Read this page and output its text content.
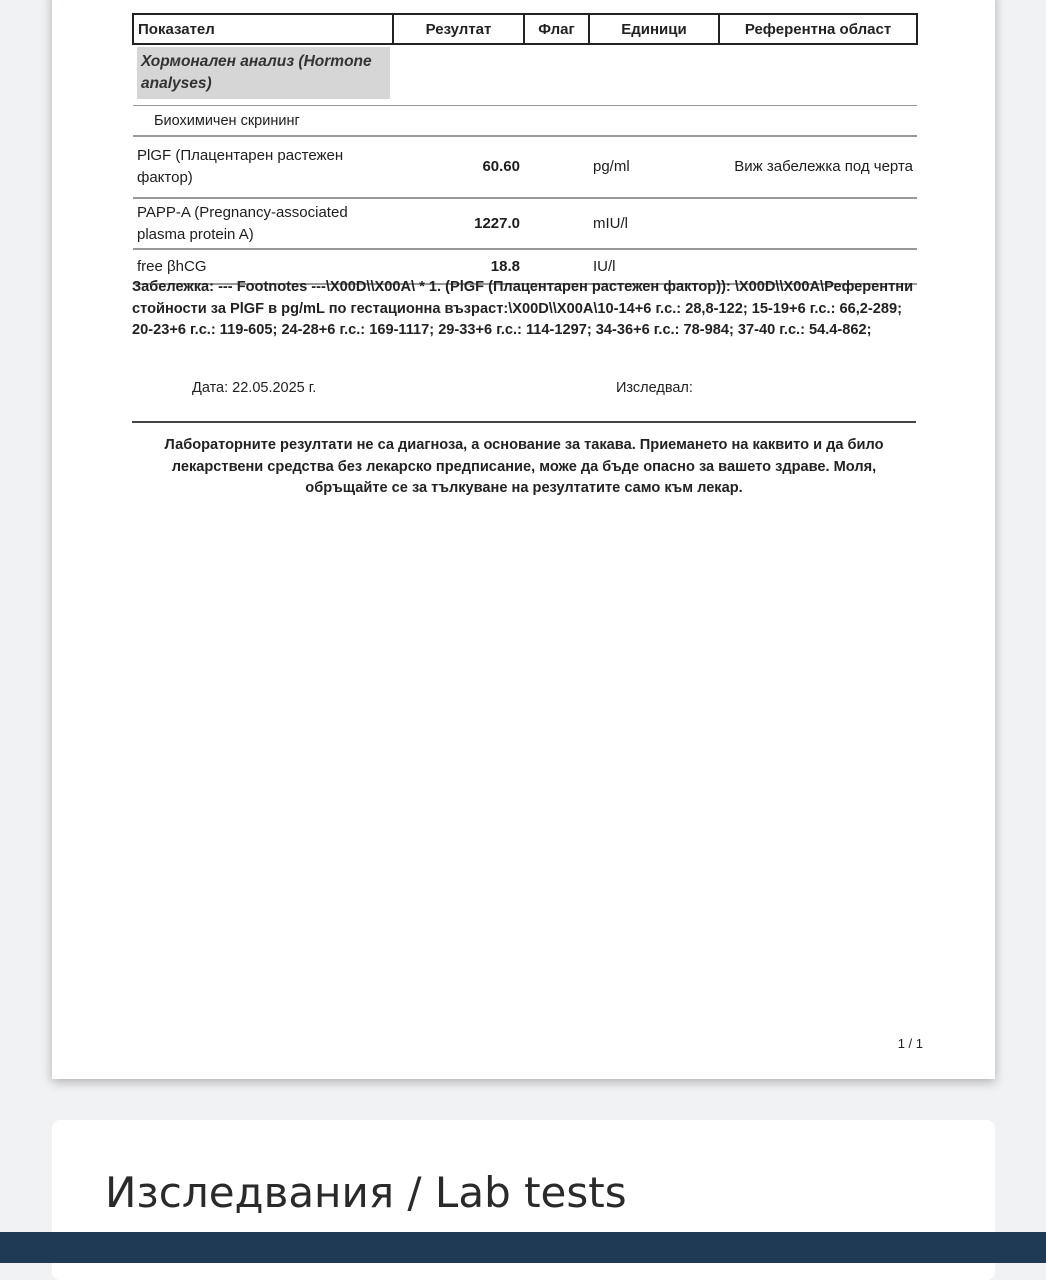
Показател	Резултат	Флаг	Единици	Референтна област
Хормонален анализ (Hormone analyses)				
Биохимичен скрининг				
PlGF (Плацентарен растежен фактор)	60.60		pg/ml	Виж забележка под черта
PAPP-A (Pregnancy-associated plasma protein A)	1227.0		mIU/l	
free βhCG	18.8		IU/l	
Забележка: --- Footnotes ---\X00D\\X00A\ * 1. (PlGF (Плацентарен растежен фактор)): \X00D\\X00A\Референтни стойности за PlGF в pg/mL по гестационна възраст:\X00D\\X00A\10-14+6 г.с.: 28,8-122; 15-19+6 г.с.: 66,2-289; 20-23+6 г.с.: 119-605; 24-28+6 г.с.: 169-1117; 29-33+6 г.с.: 114-1297; 34-36+6 г.с.: 78-984; 37-40 г.с.: 54.4-862;
Дата: 22.05.2025 г.	Изследвал:
Лабораторните резултати не са диагноза, а основание за такава. Приемането на каквито и да било лекарствени средства без лекарско предписание, може да бъде опасно за вашето здраве. Моля, обръщайте се за тълкуване на резултатите само към лекар.
1 / 1
Изследвания / Lab tests
